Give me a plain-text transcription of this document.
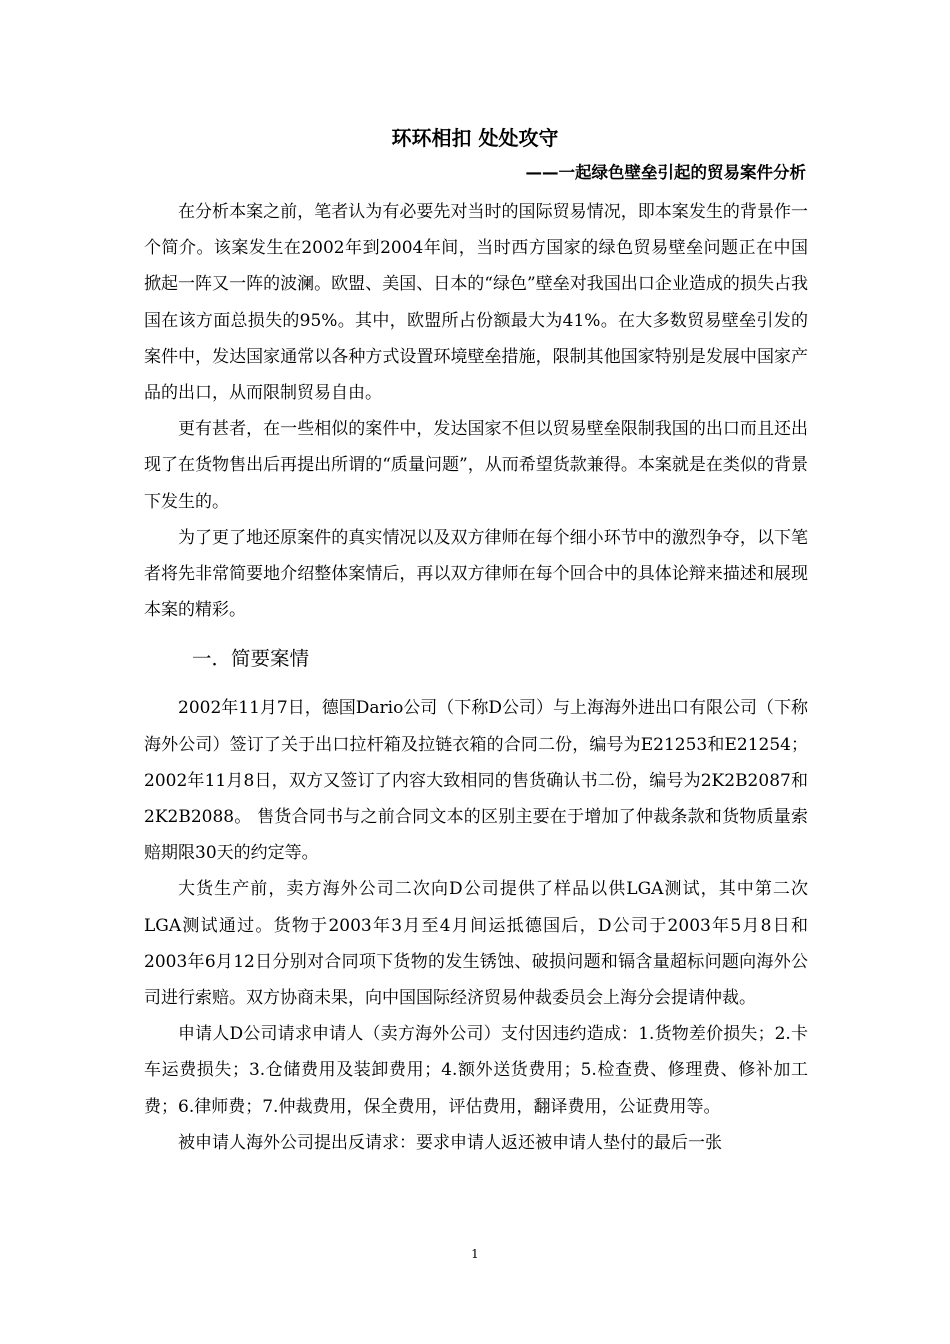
环环相扣 处处攻守
——一起绿色壁垒引起的贸易案件分析

在分析本案之前，笔者认为有必要先对当时的国际贸易情况，即本案发生的背景作一个简介。该案发生在2002年到2004年间，当时西方国家的绿色贸易壁垒问题正在中国掀起一阵又一阵的波澜。欧盟、美国、日本的“绿色”壁垒对我国出口企业造成的损失占我国在该方面总损失的95%。其中，欧盟所占份额最大为41%。在大多数贸易壁垒引发的案件中，发达国家通常以各种方式设置环境壁垒措施，限制其他国家特别是发展中国家产品的出口，从而限制贸易自由。

更有甚者，在一些相似的案件中，发达国家不但以贸易壁垒限制我国的出口而且还出现了在货物售出后再提出所谓的“质量问题”，从而希望货款兼得。本案就是在类似的背景下发生的。

为了更了地还原案件的真实情况以及双方律师在每个细小环节中的激烈争夺，以下笔者将先非常简要地介绍整体案情后，再以双方律师在每个回合中的具体论辩来描述和展现本案的精彩。

一．简要案情

2002年11月7日，德国Dario公司（下称D公司）与上海海外进出口有限公司（下称海外公司）签订了关于出口拉杆箱及拉链衣箱的合同二份，编号为E21253和E21254；2002年11月8日，双方又签订了内容大致相同的售货确认书二份，编号为2K2B2087和2K2B2088。 售货合同书与之前合同文本的区别主要在于增加了仲裁条款和货物质量索赔期限30天的约定等。

大货生产前，卖方海外公司二次向D公司提供了样品以供LGA测试，其中第二次LGA测试通过。货物于2003年3月至4月间运抵德国后，D公司于2003年5月8日和2003年6月12日分别对合同项下货物的发生锈蚀、破损问题和镉含量超标问题向海外公司进行索赔。双方协商未果，向中国国际经济贸易仲裁委员会上海分会提请仲裁。

申请人D公司请求申请人（卖方海外公司）支付因违约造成：1.货物差价损失；2.卡车运费损失；3.仓储费用及装卸费用；4.额外送货费用；5.检查费、修理费、修补加工费；6.律师费；7.仲裁费用，保全费用，评估费用，翻译费用，公证费用等。

被申请人海外公司提出反请求：要求申请人返还被申请人垫付的最后一张

1
